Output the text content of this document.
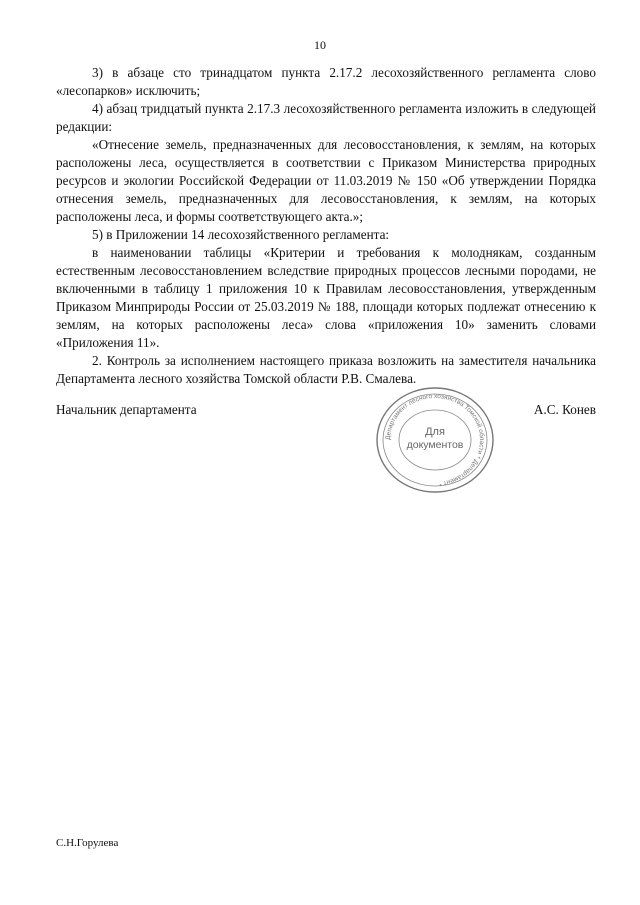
10

3) в абзаце сто тринадцатом пункта 2.17.2 лесохозяйственного регламента слово «лесопарков» исключить;

4) абзац тридцатый пункта 2.17.3 лесохозяйственного регламента изложить в следующей редакции:

«Отнесение земель, предназначенных для лесовосстановления, к землям, на которых расположены леса, осуществляется в соответствии с Приказом Министерства природных ресурсов и экологии Российской Федерации от 11.03.2019 № 150 «Об утверждении Порядка отнесения земель, предназначенных для лесовосстановления, к землям, на которых расположены леса, и формы соответствующего акта.»;

5) в Приложении 14 лесохозяйственного регламента:

в наименовании таблицы «Критерии и требования к молоднякам, созданным естественным лесовосстановлением вследствие природных процессов лесными породами, не включенными в таблицу 1 приложения 10 к Правилам лесовосстановления, утвержденным Приказом Минприроды России от 25.03.2019 № 188, площади которых подлежат отнесению к землям, на которых расположены леса» слова «приложения 10» заменить словами «Приложения 11».

2. Контроль за исполнением настоящего приказа возложить на заместителя начальника Департамента лесного хозяйства Томской области Р.В. Смалева.

Начальник департамента	А.С. Конев
Департамент лесного хозяйства Томской области * Департамент *
Для
документов
С.Н.Горулева
